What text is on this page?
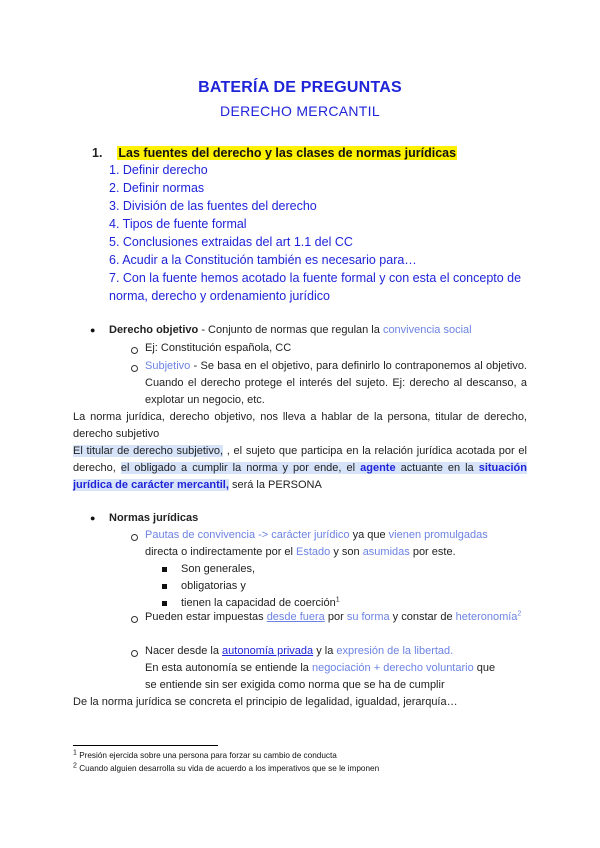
BATERÍA DE PREGUNTAS
DERECHO MERCANTIL
1. Las fuentes del derecho y las clases de normas jurídicas
1. Definir derecho
2. Definir normas
3. División de las fuentes del derecho
4. Tipos de fuente formal
5. Conclusiones extraidas del art 1.1 del CC
6. Acudir a la Constitución también es necesario para…
7. Con la fuente hemos acotado la fuente formal y con esta el concepto de
norma, derecho y ordenamiento jurídico
● Derecho objetivo - Conjunto de normas que regulan la convivencia social
Ej: Constitución española, CC
Subjetivo - Se basa en el objetivo, para definirlo lo contraponemos al objetivo. Cuando el derecho protege el interés del sujeto. Ej: derecho al descanso, a explotar un negocio, etc.
La norma jurídica, derecho objetivo, nos lleva a hablar de la persona, titular de derecho, derecho subjetivo
El titular de derecho subjetivo, , el sujeto que participa en la relación jurídica acotada por el derecho, el obligado a cumplir la norma y por ende, el agente actuante en la situación jurídica de carácter mercantil, será la PERSONA
● Normas jurídicas
Pautas de convivencia -> carácter jurídico ya que vienen promulgadas
directa o indirectamente por el Estado y son asumidas por este.
Son generales,
obligatorias y
tienen la capacidad de coerción$^1$
Pueden estar impuestas desde fuera por su forma y constar de heteronomía$^2$
Nacer desde la autonomía privada y la expresión de la libertad.
En esta autonomía se entiende la negociación + derecho voluntario que
se entiende sin ser exigida como norma que se ha de cumplir
De la norma jurídica se concreta el principio de legalidad, igualdad, jerarquía…
$^1$ Presión ejercida sobre una persona para forzar su cambio de conducta
$^2$ Cuando alguien desarrolla su vida de acuerdo a los imperativos que se le imponen
